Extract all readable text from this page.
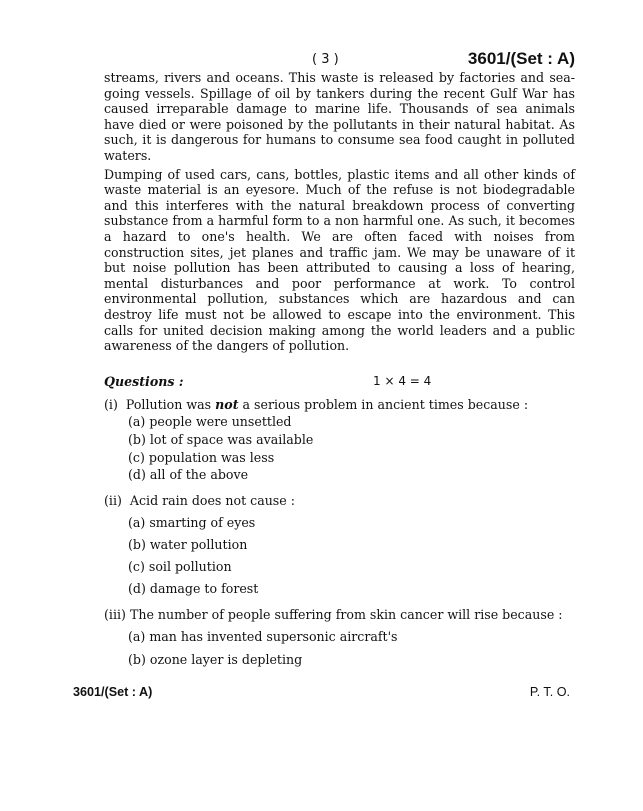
( 3 )	3601/(Set : A)

streams, rivers and oceans. This waste is released by factories and sea-going vessels. Spillage of oil by tankers during the recent Gulf War has caused irreparable damage to marine life. Thousands of sea animals have died or were poisoned by the pollutants in their natural habitat. As such, it is dangerous for humans to consume sea food caught in polluted waters.

Dumping of used cars, cans, bottles, plastic items and all other kinds of waste material is an eyesore. Much of the refuse is not biodegradable and this interferes with the natural breakdown process of converting substance from a harmful form to a non harmful one. As such, it becomes a hazard to one's health. We are often faced with noises from construction sites, jet planes and traffic jam. We may be unaware of it but noise pollution has been attributed to causing a loss of hearing, mental disturbances and poor performance at work. To control environmental pollution, substances which are hazardous and can destroy life must not be allowed to escape into the environment. This calls for united decision making among the world leaders and a public awareness of the dangers of pollution.

Questions :	1 × 4 = 4
(i) Pollution was not a serious problem in ancient times because :
(a) people were unsettled
(b) lot of space was available
(c) population was less
(d) all of the above
(ii) Acid rain does not cause :
(a) smarting of eyes
(b) water pollution
(c) soil pollution
(d) damage to forest
(iii) The number of people suffering from skin cancer will rise because :
(a) man has invented supersonic aircraft's
(b) ozone layer is depleting
3601/(Set : A)	P. T. O.
